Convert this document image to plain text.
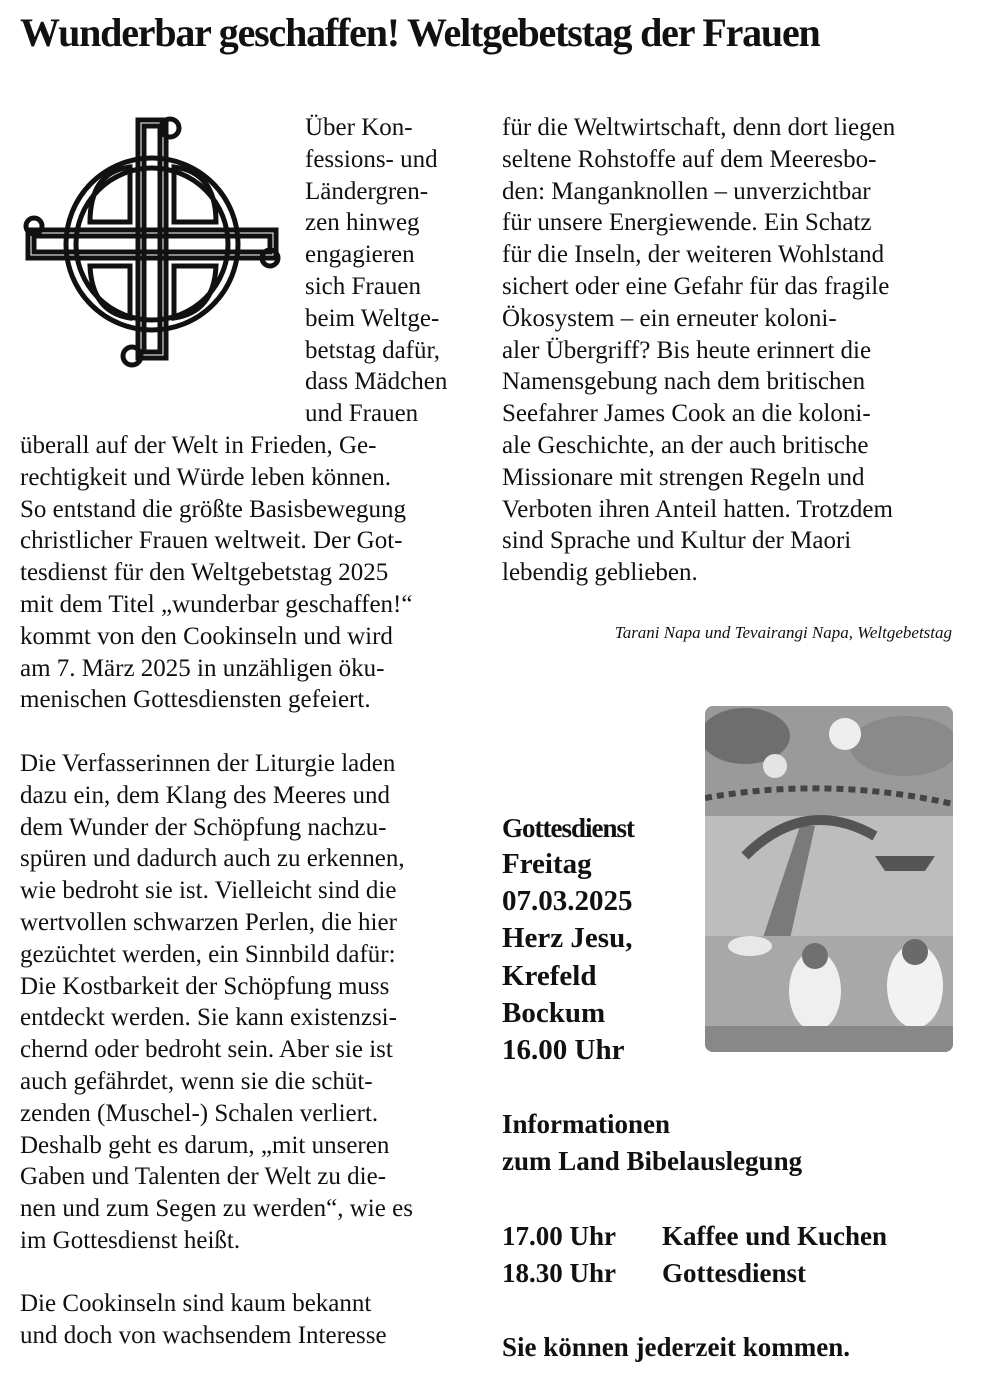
Wunderbar geschaffen! Weltgebetstag der Frauen
Über Kon-
fessions- und
Ländergren-
zen hinweg
engagieren
sich Frauen
beim Weltge-
betstag dafür,
dass Mädchen
und Frauen
überall auf der Welt in Frieden, Ge-
rechtigkeit und Würde leben können.
So entstand die größte Basisbewegung
christlicher Frauen weltweit. Der Got-
tesdienst für den Weltgebetstag 2025
mit dem Titel „wunderbar geschaffen!“
kommt von den Cookinseln und wird
am 7. März 2025 in unzähligen öku-
menischen Gottesdiensten gefeiert.
Die Verfasserinnen der Liturgie laden
dazu ein, dem Klang des Meeres und
dem Wunder der Schöpfung nachzu-
spüren und dadurch auch zu erkennen,
wie bedroht sie ist. Vielleicht sind die
wertvollen schwarzen Perlen, die hier
gezüchtet werden, ein Sinnbild dafür:
Die Kostbarkeit der Schöpfung muss
entdeckt werden. Sie kann existenzsi-
chernd oder bedroht sein. Aber sie ist
auch gefährdet, wenn sie die schüt-
zenden (Muschel-) Schalen verliert.
Deshalb geht es darum, „mit unseren
Gaben und Talenten der Welt zu die-
nen und zum Segen zu werden“, wie es
im Gottesdienst heißt.
Die Cookinseln sind kaum bekannt
und doch von wachsendem Interesse
für die Weltwirtschaft, denn dort liegen
seltene Rohstoffe auf dem Meeresbo-
den: Manganknollen – unverzichtbar
für unsere Energiewende. Ein Schatz
für die Inseln, der weiteren Wohlstand
sichert oder eine Gefahr für das fragile
Ökosystem – ein erneuter koloni-
aler Übergriff? Bis heute erinnert die
Namensgebung nach dem britischen
Seefahrer James Cook an die koloni-
ale Geschichte, an der auch britische
Missionare mit strengen Regeln und
Verboten ihren Anteil hatten. Trotzdem
sind Sprache und Kultur der Maori
lebendig geblieben.
Tarani Napa und Tevairangi Napa, Weltgebetstag
Gottesdienst
Freitag
07.03.2025
Herz Jesu,
Krefeld
Bockum
16.00 Uhr
Informationen
zum Land Bibelauslegung
17.00 Uhr Kaffee und Kuchen
18.30 Uhr Gottesdienst
Sie können jederzeit kommen.
